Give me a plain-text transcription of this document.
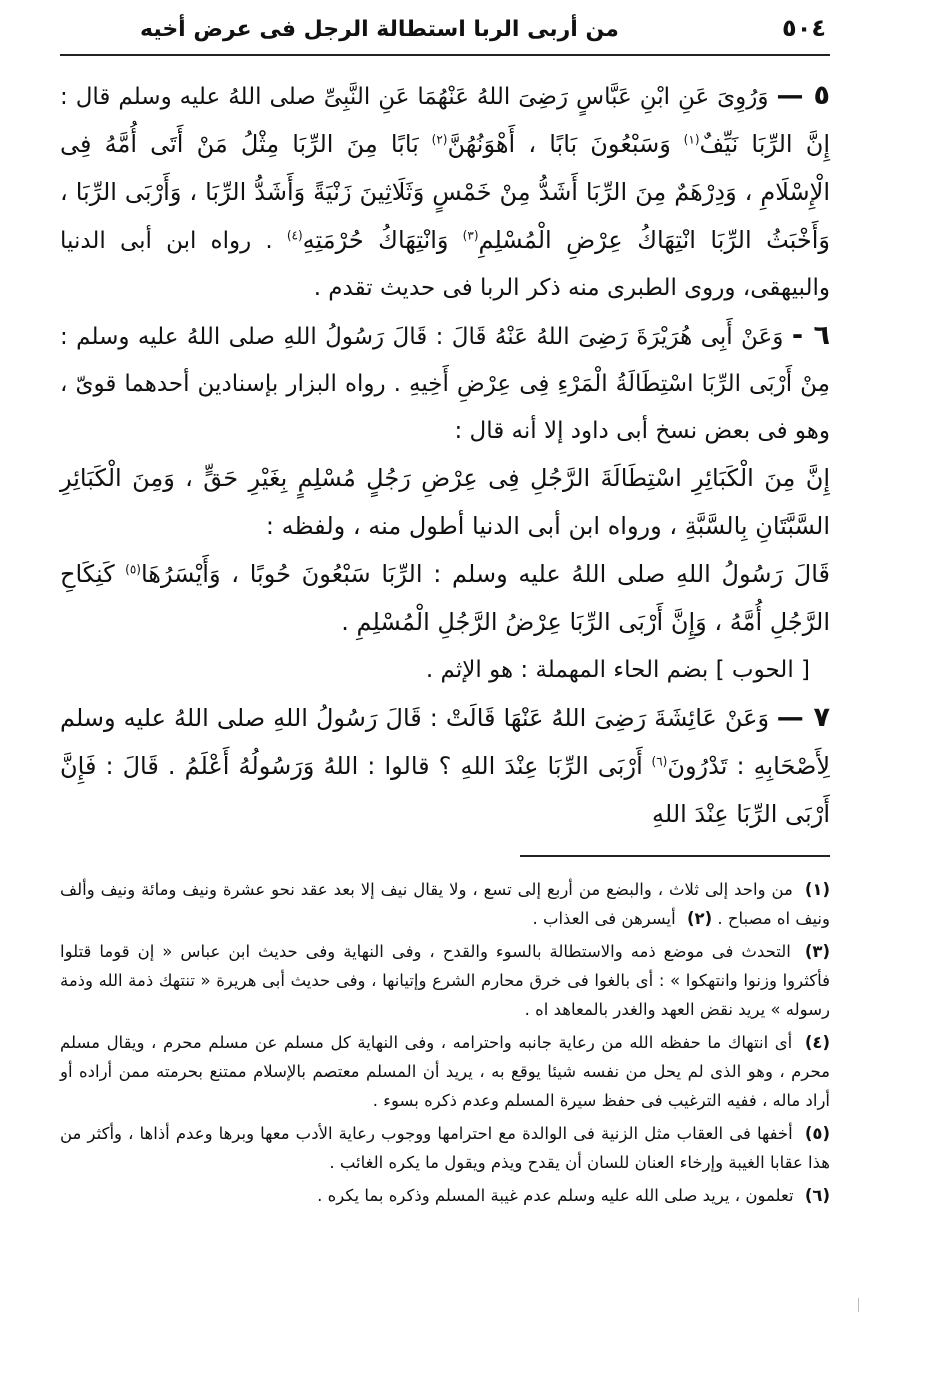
٥٠٤
من أربى الربا استطالة الرجل فى عرض أخيه

٥ — وَرُوِىَ عَنِ ابْنِ عَبَّاسٍ رَضِىَ اللهُ عَنْهُمَا عَنِ النَّبِىِّ صلى اللهُ عليه وسلم قال : إِنَّ الرِّبَا نَيِّفٌ$^{(١)}$ وَسَبْعُونَ بَابًا ، أَهْوَنُهُنَّ$^{(٢)}$ بَابًا مِنَ الرِّبَا مِثْلُ مَنْ أَتَى أُمَّهُ فِى الْإِسْلَامِ ، وَدِرْهَمٌ مِنَ الرِّبَا أَشَدُّ مِنْ خَمْسٍ وَثَلَاثِينَ زَنْيَةً وَأَشَدُّ الرِّبَا ، وَأَرْبَى الرِّبَا ، وَأَخْبَثُ الرِّبَا انْتِهَاكُ عِرْضِ الْمُسْلِمِ$^{(٣)}$ وَانْتِهَاكُ حُرْمَتِهِ$^{(٤)}$ . رواه ابن أبى الدنيا والبيهقى، وروى الطبرى منه ذكر الربا فى حديث تقدم .

٦ - وَعَنْ أَبِى هُرَيْرَةَ رَضِىَ اللهُ عَنْهُ قَالَ : قَالَ رَسُولُ اللهِ صلى اللهُ عليه وسلم : مِنْ أَرْبَى الرِّبَا اسْتِطَالَةُ الْمَرْءِ فِى عِرْضِ أَخِيهِ . رواه البزار بإسنادين أحدهما قوىّ ، وهو فى بعض نسخ أبى داود إلا أنه قال :

إِنَّ مِنَ الْكَبَائِرِ اسْتِطَالَةَ الرَّجُلِ فِى عِرْضِ رَجُلٍ مُسْلِمٍ بِغَيْرِ حَقٍّ ، وَمِنَ الْكَبَائِرِ السَّبَّتَانِ بِالسَّبَّةِ ، ورواه ابن أبى الدنيا أطول منه ، ولفظه :

قَالَ رَسُولُ اللهِ صلى اللهُ عليه وسلم : الرِّبَا سَبْعُونَ حُوبًا ، وَأَيْسَرُهَا$^{(٥)}$ كَنِكَاحِ الرَّجُلِ أُمَّهُ ، وَإِنَّ أَرْبَى الرِّبَا عِرْضُ الرَّجُلِ الْمُسْلِمِ .

[ الحوب ] بضم الحاء المهملة : هو الإثم .

٧ — وَعَنْ عَائِشَةَ رَضِىَ اللهُ عَنْهَا قَالَتْ : قَالَ رَسُولُ اللهِ صلى اللهُ عليه وسلم لِأَصْحَابِهِ : تَدْرُونَ$^{(٦)}$ أَرْبَى الرِّبَا عِنْدَ اللهِ ؟ قالوا : اللهُ وَرَسُولُهُ أَعْلَمُ . قَالَ : فَإِنَّ أَرْبَى الرِّبَا عِنْدَ اللهِ

(١) من واحد إلى ثلاث ، والبضع من أربع إلى تسع ، ولا يقال نيف إلا بعد عقد نحو عشرة ونيف ومائة ونيف وألف ونيف اه مصباح . (٢) أيسرهن فى العذاب .

(٣) التحدث فى موضع ذمه والاستطالة بالسوء والقدح ، وفى النهاية وفى حديث ابن عباس « إن قوما قتلوا فأكثروا وزنوا وانتهكوا » : أى بالغوا فى خرق محارم الشرع وإتيانها ، وفى حديث أبى هريرة « تنتهك ذمة الله وذمة رسوله » يريد نقض العهد والغدر بالمعاهد اه .

(٤) أى انتهاك ما حفظه الله من رعاية جانبه واحترامه ، وفى النهاية كل مسلم عن مسلم محرم ، ويقال مسلم محرم ، وهو الذى لم يحل من نفسه شيئا يوقع به ، يريد أن المسلم معتصم بالإسلام ممتنع بحرمته ممن أراده أو أراد ماله ، ففيه الترغيب فى حفظ سيرة المسلم وعدم ذكره بسوء .

(٥) أخفها فى العقاب مثل الزنية فى الوالدة مع احترامها ووجوب رعاية الأدب معها وبرها وعدم أذاها ، وأكثر من هذا عقابا الغيبة وإرخاء العنان للسان أن يقدح ويذم ويقول ما يكره الغائب .

(٦) تعلمون ، يريد صلى الله عليه وسلم عدم غيبة المسلم وذكره بما يكره .
